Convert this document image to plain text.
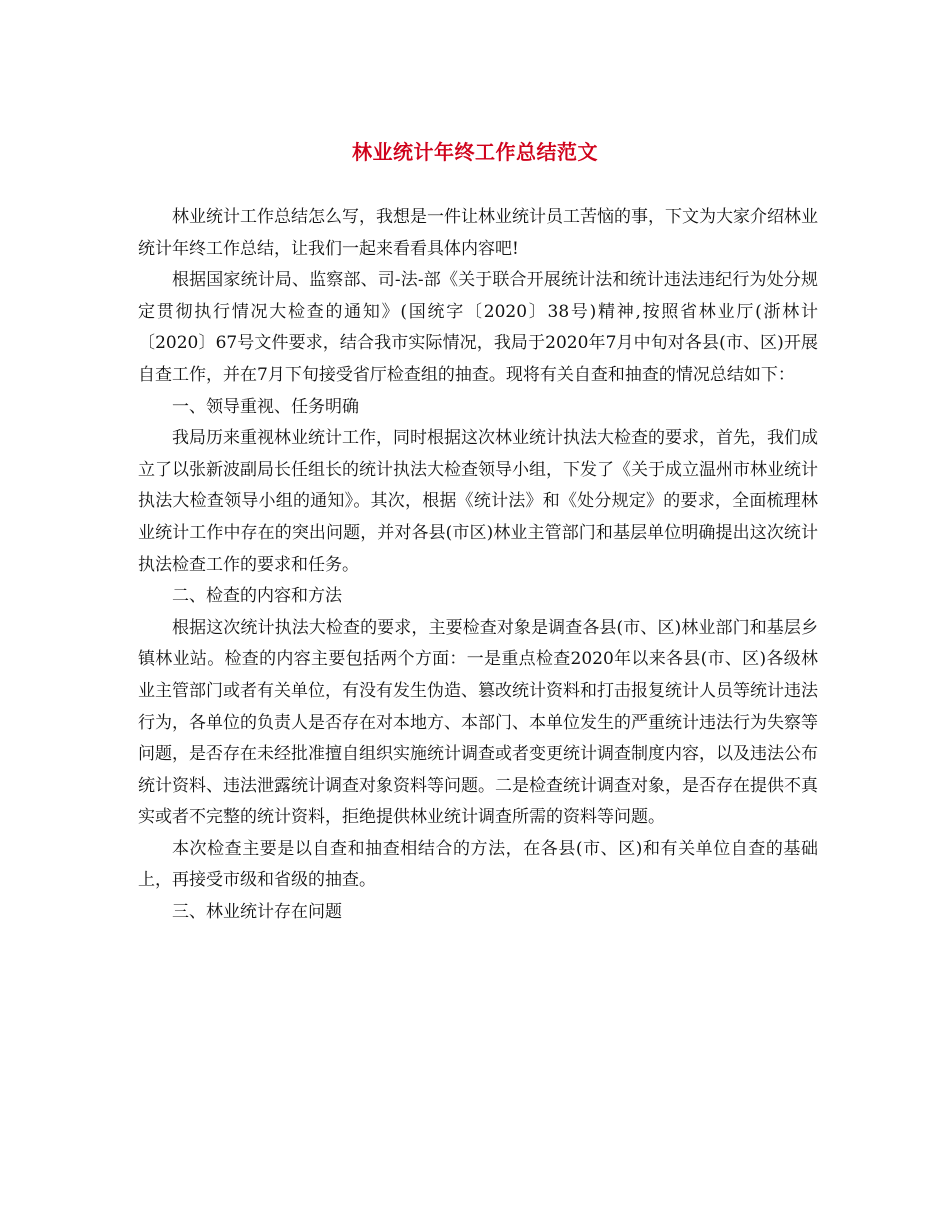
林业统计年终工作总结范文

林业统计工作总结怎么写，我想是一件让林业统计员工苦恼的事，下文为大家介绍林业统计年终工作总结，让我们一起来看看具体内容吧!

根据国家统计局、监察部、司-法-部《关于联合开展统计法和统计违法违纪行为处分规定贯彻执行情况大检查的通知》(国统字〔2020〕38号)精神,按照省林业厅(浙林计〔2020〕67号文件要求，结合我市实际情况，我局于2020年7月中旬对各县(市、区)开展自查工作，并在7月下旬接受省厅检查组的抽查。现将有关自查和抽查的情况总结如下：

一、领导重视、任务明确

我局历来重视林业统计工作，同时根据这次林业统计执法大检查的要求，首先，我们成立了以张新波副局长任组长的统计执法大检查领导小组，下发了《关于成立温州市林业统计执法大检查领导小组的通知》。其次，根据《统计法》和《处分规定》的要求，全面梳理林业统计工作中存在的突出问题，并对各县(市区)林业主管部门和基层单位明确提出这次统计执法检查工作的要求和任务。

二、检查的内容和方法

根据这次统计执法大检查的要求，主要检查对象是调查各县(市、区)林业部门和基层乡镇林业站。检查的内容主要包括两个方面：一是重点检查2020年以来各县(市、区)各级林业主管部门或者有关单位，有没有发生伪造、篡改统计资料和打击报复统计人员等统计违法行为，各单位的负责人是否存在对本地方、本部门、本单位发生的严重统计违法行为失察等问题，是否存在未经批准擅自组织实施统计调查或者变更统计调查制度内容，以及违法公布统计资料、违法泄露统计调查对象资料等问题。二是检查统计调查对象，是否存在提供不真实或者不完整的统计资料，拒绝提供林业统计调查所需的资料等问题。

本次检查主要是以自查和抽查相结合的方法，在各县(市、区)和有关单位自查的基础上，再接受市级和省级的抽查。

三、林业统计存在问题
